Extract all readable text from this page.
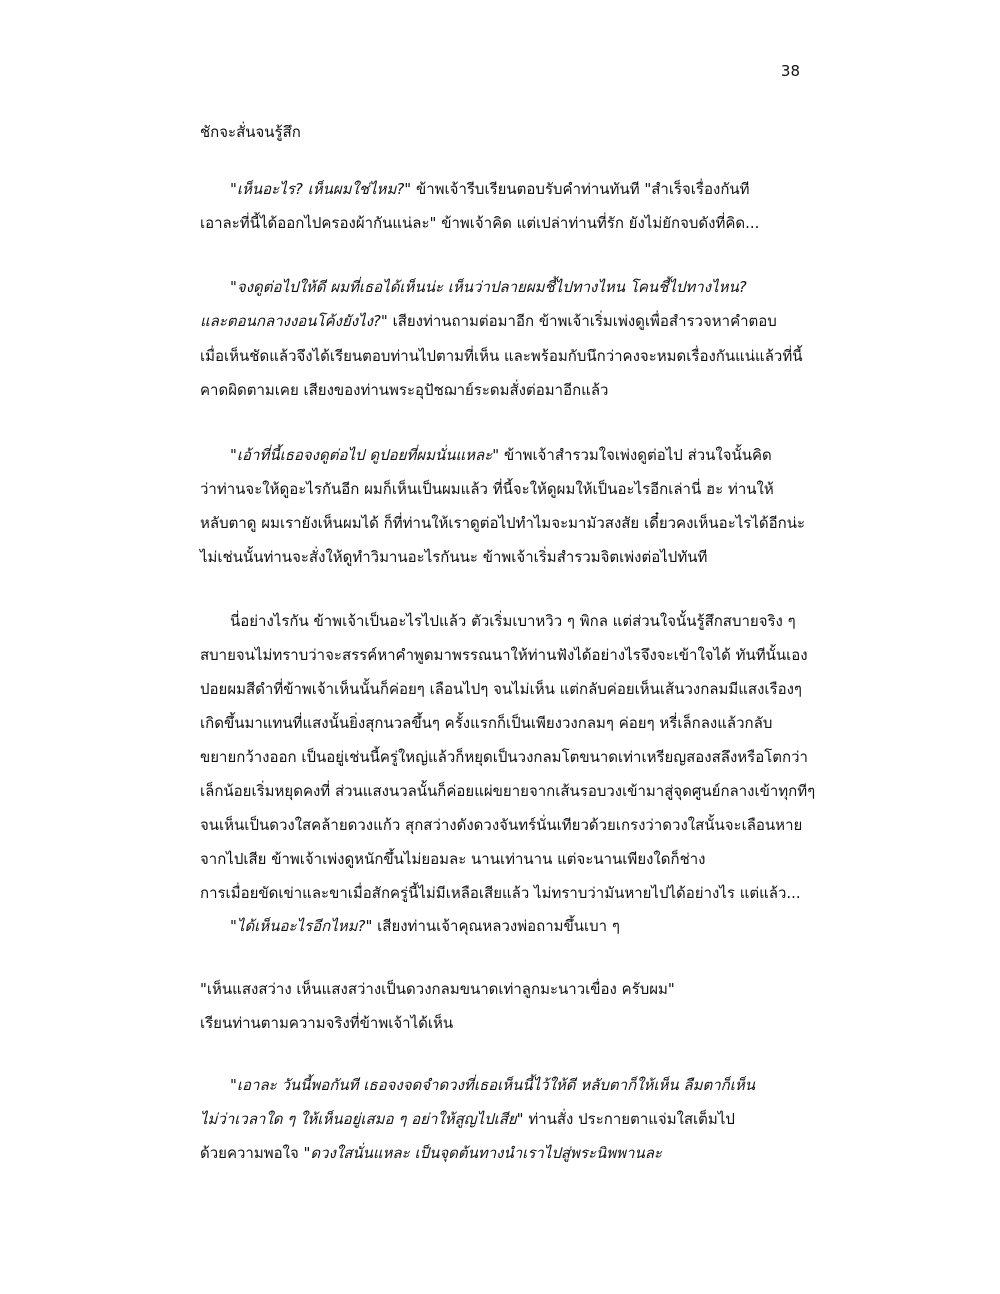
38
ชักจะสั่นจนรู้สึก
"เห็นอะไร? เห็นผมใช่ไหม?" ข้าพเจ้ารีบเรียนตอบรับคำท่านทันที "สำเร็จเรื่องกันที
เอาละที่นี้ได้ออกไปครองผ้ากันแน่ละ" ข้าพเจ้าคิด แต่เปล่าท่านที่รัก ยังไม่ยักจบดังที่คิด...
"จงดูต่อไปให้ดี ผมที่เธอได้เห็นน่ะ เห็นว่าปลายผมชี้ไปทางไหน โคนชี้ไปทางไหน?
และตอนกลางงอนโค้งยังไง?" เสียงท่านถามต่อมาอีก ข้าพเจ้าเริ่มเพ่งดูเพื่อสำรวจหาคำตอบ
เมื่อเห็นชัดแล้วจึงได้เรียนตอบท่านไปตามที่เห็น และพร้อมกับนึกว่าคงจะหมดเรื่องกันแน่แล้วที่นี้
คาดผิดตามเคย เสียงของท่านพระอุปัชฌาย์ระดมสั่งต่อมาอีกแล้ว
"เอ้าที่นี้เธอจงดูต่อไป ดูปอยที่ผมนั่นแหละ" ข้าพเจ้าสำรวมใจเพ่งดูต่อไป ส่วนใจนั้นคิด
ว่าท่านจะให้ดูอะไรกันอีก ผมก็เห็นเป็นผมแล้ว ที่นี้จะให้ดูผมให้เป็นอะไรอีกเล่านี่ ฮะ ท่านให้
หลับตาดู ผมเรายังเห็นผมได้ ก็ที่ท่านให้เราดูต่อไปทำไมจะมามัวสงสัย เดี๋ยวคงเห็นอะไรได้อีกน่ะ
ไม่เช่นนั้นท่านจะสั่งให้ดูทำวิมานอะไรกันนะ ข้าพเจ้าเริ่มสำรวมจิตเพ่งต่อไปทันที
นี่อย่างไรกัน ข้าพเจ้าเป็นอะไรไปแล้ว ตัวเริ่มเบาหวิว ๆ พิกล แต่ส่วนใจนั้นรู้สึกสบายจริง ๆ
สบายจนไม่ทราบว่าจะสรรค์หาคำพูดมาพรรณนาให้ท่านฟังได้อย่างไรจึงจะเข้าใจได้ ทันทีนั้นเอง
ปอยผมสีดำที่ข้าพเจ้าเห็นนั้นก็ค่อยๆ เลือนไปๆ จนไม่เห็น แต่กลับค่อยเห็นเส้นวงกลมมีแสงเรืองๆ
เกิดขึ้นมาแทนที่แสงนั้นยิ่งสุกนวลขึ้นๆ ครั้งแรกก็เป็นเพียงวงกลมๆ ค่อยๆ หรี่เล็กลงแล้วกลับ
ขยายกว้างออก เป็นอยู่เช่นนี้ครู่ใหญ่แล้วก็หยุดเป็นวงกลมโตขนาดเท่าเหรียญสองสลึงหรือโตกว่า
เล็กน้อยเริ่มหยุดคงที่ ส่วนแสงนวลนั้นก็ค่อยแผ่ขยายจากเส้นรอบวงเข้ามาสู่จุดศูนย์กลางเข้าทุกทีๆ
จนเห็นเป็นดวงใสคล้ายดวงแก้ว สุกสว่างดังดวงจันทร์นั่นเทียวด้วยเกรงว่าดวงใสนั้นจะเลือนหาย
จากไปเสีย ข้าพเจ้าเพ่งดูหนักขึ้นไม่ยอมละ นานเท่านาน แต่จะนานเพียงใดก็ช่าง
การเมื่อยขัดเข่าและขาเมื่อสักครู่นี้ไม่มีเหลือเสียแล้ว ไม่ทราบว่ามันหายไปได้อย่างไร แต่แล้ว...
"ได้เห็นอะไรอีกไหม?" เสียงท่านเจ้าคุณหลวงพ่อถามขึ้นเบา ๆ
"เห็นแสงสว่าง เห็นแสงสว่างเป็นดวงกลมขนาดเท่าลูกมะนาวเขื่อง ครับผม"
เรียนท่านตามความจริงที่ข้าพเจ้าได้เห็น
"เอาละ วันนี้พอกันที เธอจงจดจำดวงที่เธอเห็นนี้ไว้ให้ดี หลับตาก็ให้เห็น ลืมตาก็เห็น
ไม่ว่าเวลาใด ๆ ให้เห็นอยู่เสมอ ๆ อย่าให้สูญไปเสีย" ท่านสั่ง ประกายตาแจ่มใสเต็มไป
ด้วยความพอใจ "ดวงใสนั่นแหละ เป็นจุดต้นทางนำเราไปสู่พระนิพพานละ
